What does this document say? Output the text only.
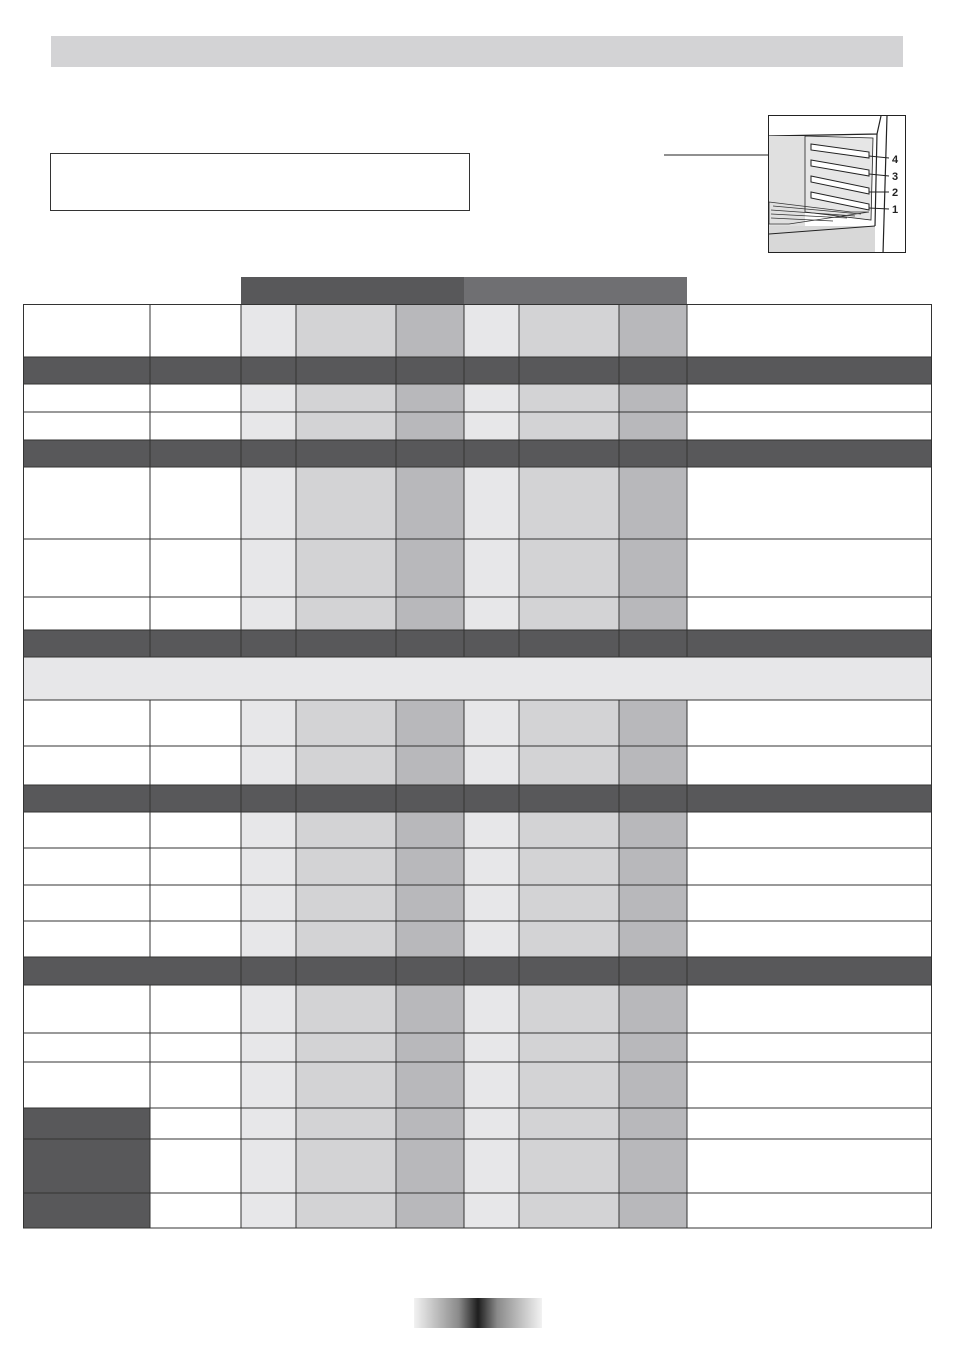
4
3
2
1
